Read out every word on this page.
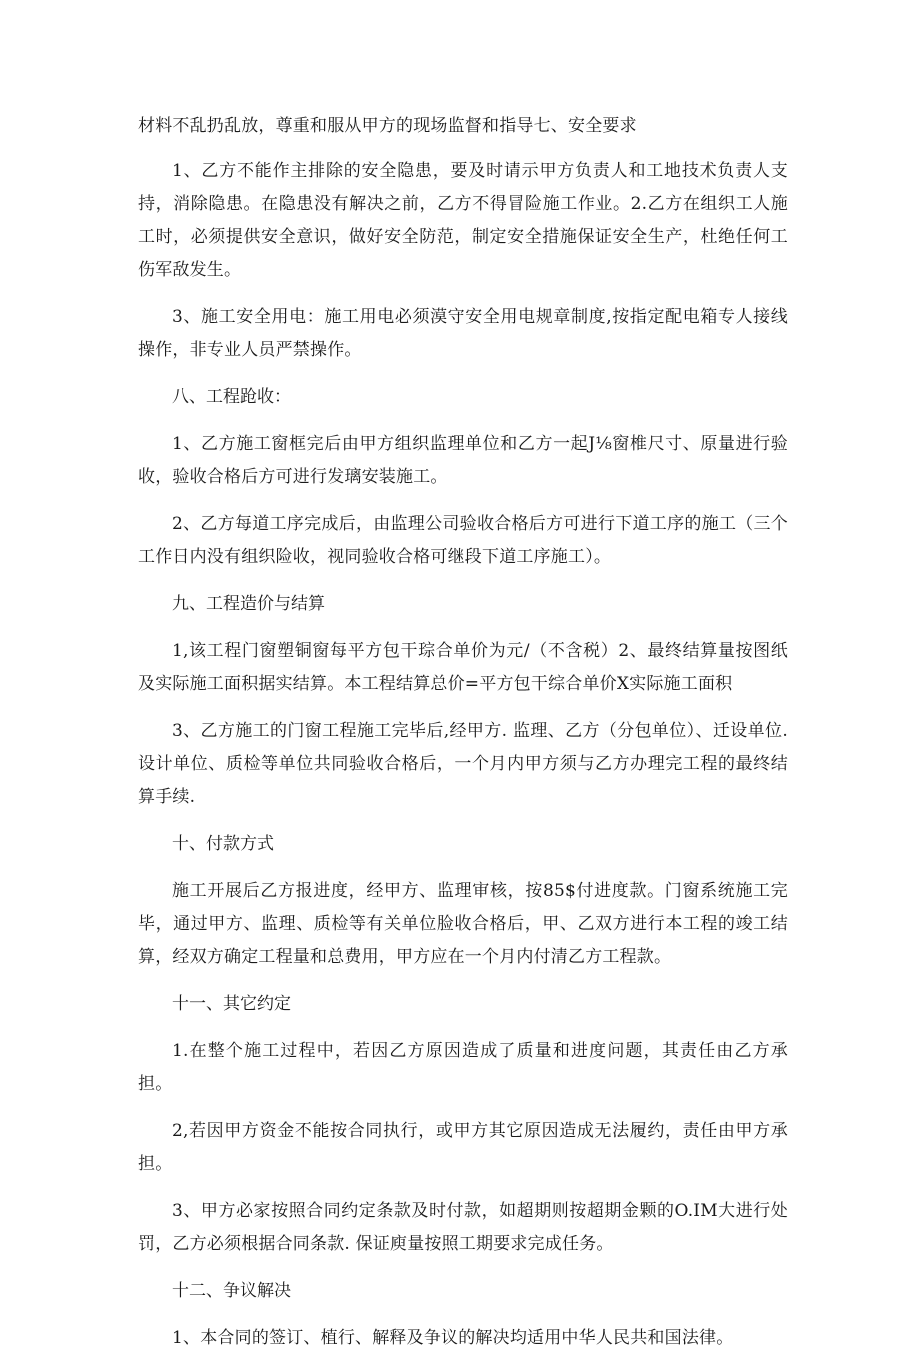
材料不乱扔乱放，尊重和服从甲方的现场监督和指导七、安全要求

1、乙方不能作主排除的安全隐患，要及时请示甲方负责人和工地技术负责人支持，消除隐患。在隐患没有解决之前，乙方不得冒险施工作业。2.乙方在组织工人施工时，必须提供安全意识，做好安全防范，制定安全措施保证安全生产，杜绝任何工伤军敌发生。

3、施工安全用电：施工用电必须漠守安全用电规章制度,按指定配电箱专人接线操作，非专业人员严禁操作。

八、工程跄收：

1、乙方施工窗框完后由甲方组织监理单位和乙方一起J⅛窗椎尺寸、原量进行验收，验收合格后方可进行发璃安装施工。

2、乙方每道工序完成后，由监理公司验收合格后方可进行下道工序的施工（三个工作日内没有组织险收，视同验收合格可继段下道工序施工）。

九、工程造价与结算

1,该工程门窗塑铜窗每平方包干琮合单价为元/（不含税）2、最终结算量按图纸及实际施工面积据实结算。本工程结算总价=平方包干综合单价X实际施工面积

3、乙方施工的门窗工程施工完毕后,经甲方. 监理、乙方（分包单位）、迁设单位. 设计单位、质检等单位共同验收合格后，一个月内甲方须与乙方办理完工程的最终结算手续.

十、付款方式

施工开展后乙方报进度，经甲方、监理审核，按85$付进度款。门窗系统施工完毕，通过甲方、监理、质检等有关单位脸收合格后，甲、乙双方进行本工程的竣工结算，经双方确定工程量和总费用，甲方应在一个月内付清乙方工程款。

十一、其它约定

1.在整个施工过程中，若因乙方原因造成了质量和进度问题，其责任由乙方承担。

2,若因甲方资金不能按合同执行，或甲方其它原因造成无法履约，责任由甲方承担。

3、甲方必家按照合同约定条款及时付款，如超期则按超期金颗的O.IM大进行处罚，乙方必须根据合同条款. 保证庾量按照工期要求完成任务。

十二、争议解决

1、本合同的签订、植行、解释及争议的解决均适用中华人民共和国法律。
